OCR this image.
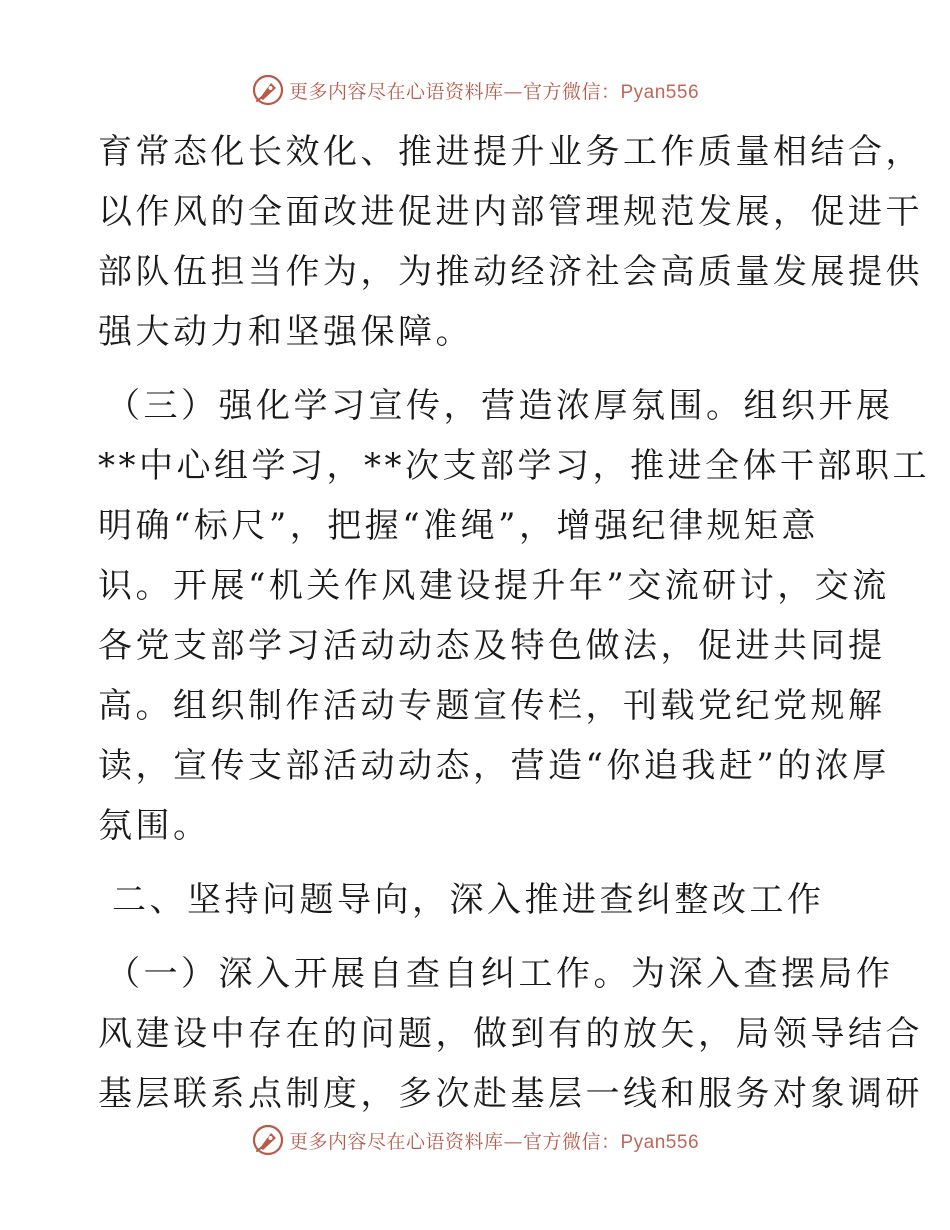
更多内容尽在心语资料库—官方微信：Pyan556
育常态化长效化、推进提升业务工作质量相结合，
以作风的全面改进促进内部管理规范发展，促进干
部队伍担当作为，为推动经济社会高质量发展提供
强大动力和坚强保障。
（三）强化学习宣传，营造浓厚氛围。组织开展
**中心组学习，**次支部学习，推进全体干部职工
明确“标尺”，把握“准绳”，增强纪律规矩意
识。开展“机关作风建设提升年”交流研讨，交流
各党支部学习活动动态及特色做法，促进共同提
高。组织制作活动专题宣传栏，刊载党纪党规解
读，宣传支部活动动态，营造“你追我赶”的浓厚
氛围。
二、坚持问题导向，深入推进查纠整改工作
（一）深入开展自查自纠工作。为深入查摆局作
风建设中存在的问题，做到有的放矢，局领导结合
基层联系点制度，多次赴基层一线和服务对象调研
更多内容尽在心语资料库—官方微信：Pyan556
